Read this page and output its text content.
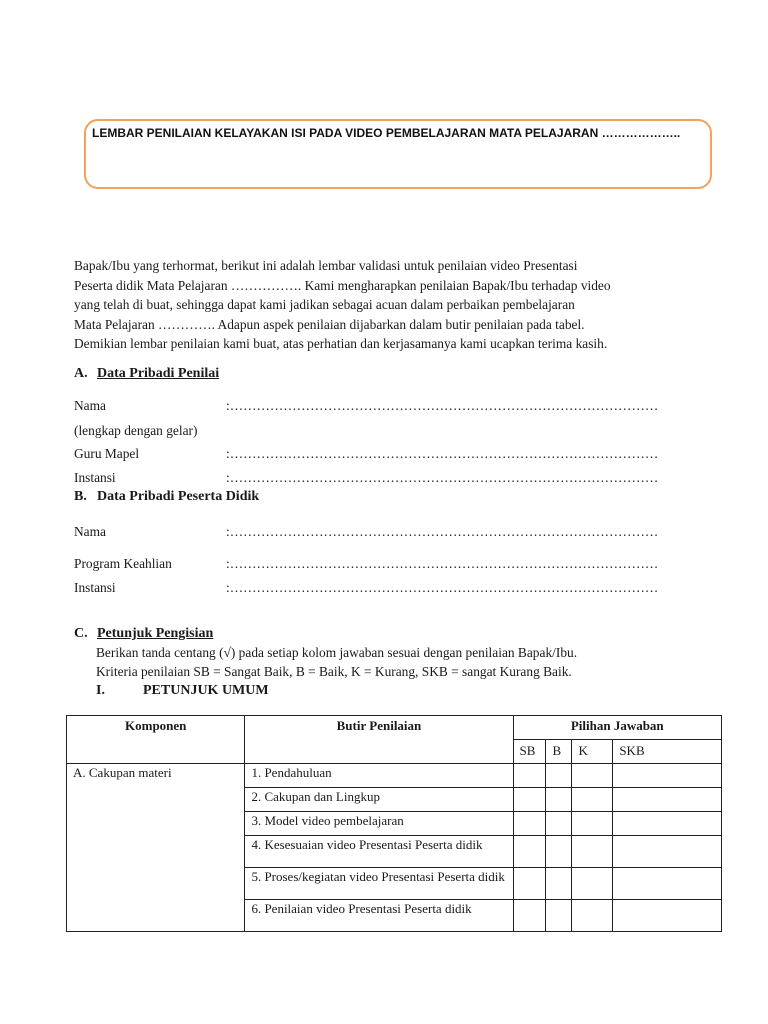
LEMBAR PENILAIAN KELAYAKAN ISI PADA VIDEO PEMBELAJARAN MATA PELAJARAN ………………..

Bapak/Ibu yang terhormat, berikut ini adalah lembar validasi untuk penilaian video Presentasi

Peserta didik Mata Pelajaran ……………. Kami mengharapkan penilaian Bapak/Ibu terhadap video

yang telah di buat, sehingga dapat kami jadikan sebagai acuan dalam perbaikan pembelajaran

Mata Pelajaran …………. Adapun aspek penilaian dijabarkan dalam butir penilaian pada tabel.

Demikian lembar penilaian kami buat, atas perhatian dan kerjasamanya kami ucapkan terima kasih.

A. Data Pribadi Penilai
Nama	:……………………………………………………………………………………
(lengkap dengan gelar)
Guru Mapel	:……………………………………………………………………………………
Instansi	:……………………………………………………………………………………
B. Data Pribadi Peserta Didik
Nama	:……………………………………………………………………………………
Program Keahlian	:……………………………………………………………………………………
Instansi	:……………………………………………………………………………………
C. Petunjuk Pengisian
Berikan tanda centang (√) pada setiap kolom jawaban sesuai dengan penilaian Bapak/Ibu.
Kriteria penilaian SB = Sangat Baik, B = Baik, K = Kurang, SKB = sangat Kurang Baik.
I.	PETUNJUK UMUM
Komponen	Butir Penilaian	Pilihan Jawaban			
		SB	B	K	SKB

A. Cakupan materi	1. Pendahuluan				

	2. Cakupan dan Lingkup				

	3. Model video pembelajaran				

	4. Kesesuaian video Presentasi Peserta didik				

	5. Proses/kegiatan video Presentasi Peserta didik				

	6. Penilaian video Presentasi Peserta didik				
